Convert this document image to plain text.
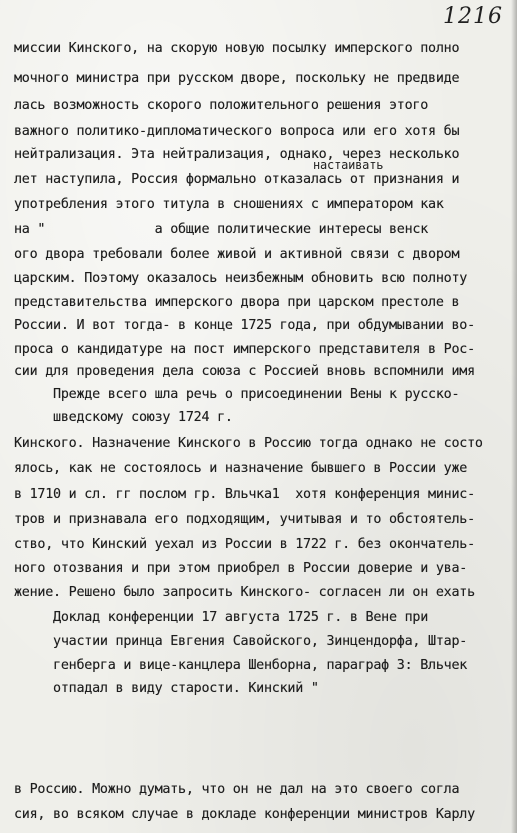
1216
настаивать
миссии Кинского, на скорую новую посылку имперского полно
мочного министра при русском дворе, поскольку не предвиде
лась возможность скорого положительного решения этого
важного политико-дипломатического вопроса или его хотя бы
нейтрализация. Эта нейтрализация, однако, через несколько
лет наступила, Россия формально отказалась от признания и
употребления этого титула в сношениях с императором как
на "              а общие политические интересы венск
ого двора требовали более живой и активной связи с двором
царским. Поэтому оказалось неизбежным обновить всю полноту
представительства имперского двора при царском престоле в
России. И вот тогда- в конце 1725 года, при обдумывании во-
проса о кандидатуре на пост имперского представителя в Рос-
сии для проведения дела союза с Россией вновь вспомнили имя
Прежде всего шла речь о присоединении Вены к русско-
шведскому союзу 1724 г.
Кинского. Назначение Кинского в Россию тогда однако не состо
ялось, как не состоялось и назначение бывшего в России уже
в 1710 и сл. гг послом гр. Вльчка1  хотя конференция минис-
тров и признавала его подходящим, учитывая и то обстоятель-
ство, что Кинский уехал из России в 1722 г. без окончатель-
ного отозвания и при этом приобрел в России доверие и ува-
жение. Решено было запросить Кинского- согласен ли он ехать
Доклад конференции 17 августа 1725 г. в Вене при
участии принца Евгения Савойского, Зинцендорфа, Штар-
генберга и вице-канцлера Шенборна, параграф 3: Вльчек
отпадал в виду старости. Кинский "
в Россию. Можно думать, что он не дал на это своего согла
сия, во всяком случае в докладе конференции министров Карлу
